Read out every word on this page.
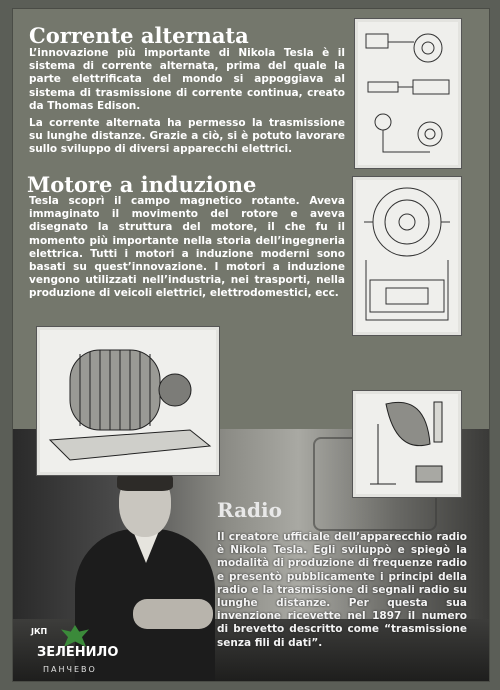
Corrente alternata

L’innovazione più importante di Nikola Tesla è il sistema di corrente alternata, prima del quale la parte elettrificata del mondo si appoggiava al sistema di trasmissione di corrente continua, creato da Thomas Edison.

La corrente alternata ha permesso la trasmissione su lunghe distanze. Grazie a ciò, si è potuto lavorare sullo sviluppo di diversi apparecchi elettrici.

Motore a induzione

Tesla scoprì il campo magnetico rotante. Aveva immaginato il movimento del rotore e aveva disegnato la struttura del motore, il che fu il momento più importante nella storia dell’ingegneria elettrica. Tutti i motori a induzione moderni sono basati su quest’innovazione. I motori a induzione vengono utilizzati nell’industria, nei trasporti, nella produzione di veicoli elettrici, elettrodomestici, ecc.

Radio

Il creatore ufficiale dell’apparecchio radio è Nikola Tesla. Egli sviluppò e spiegò la modalità di produzione di frequenze radio e presentò pubblicamente i principi della radio e la trasmissione di segnali radio su lunghe distanze. Per questa sua invenzione ricevette nel 1897 il numero di brevetto descritto come “trasmissione senza fili di dati”.

ЈКП
ЗЕЛЕНИЛО
ПАНЧЕВО
